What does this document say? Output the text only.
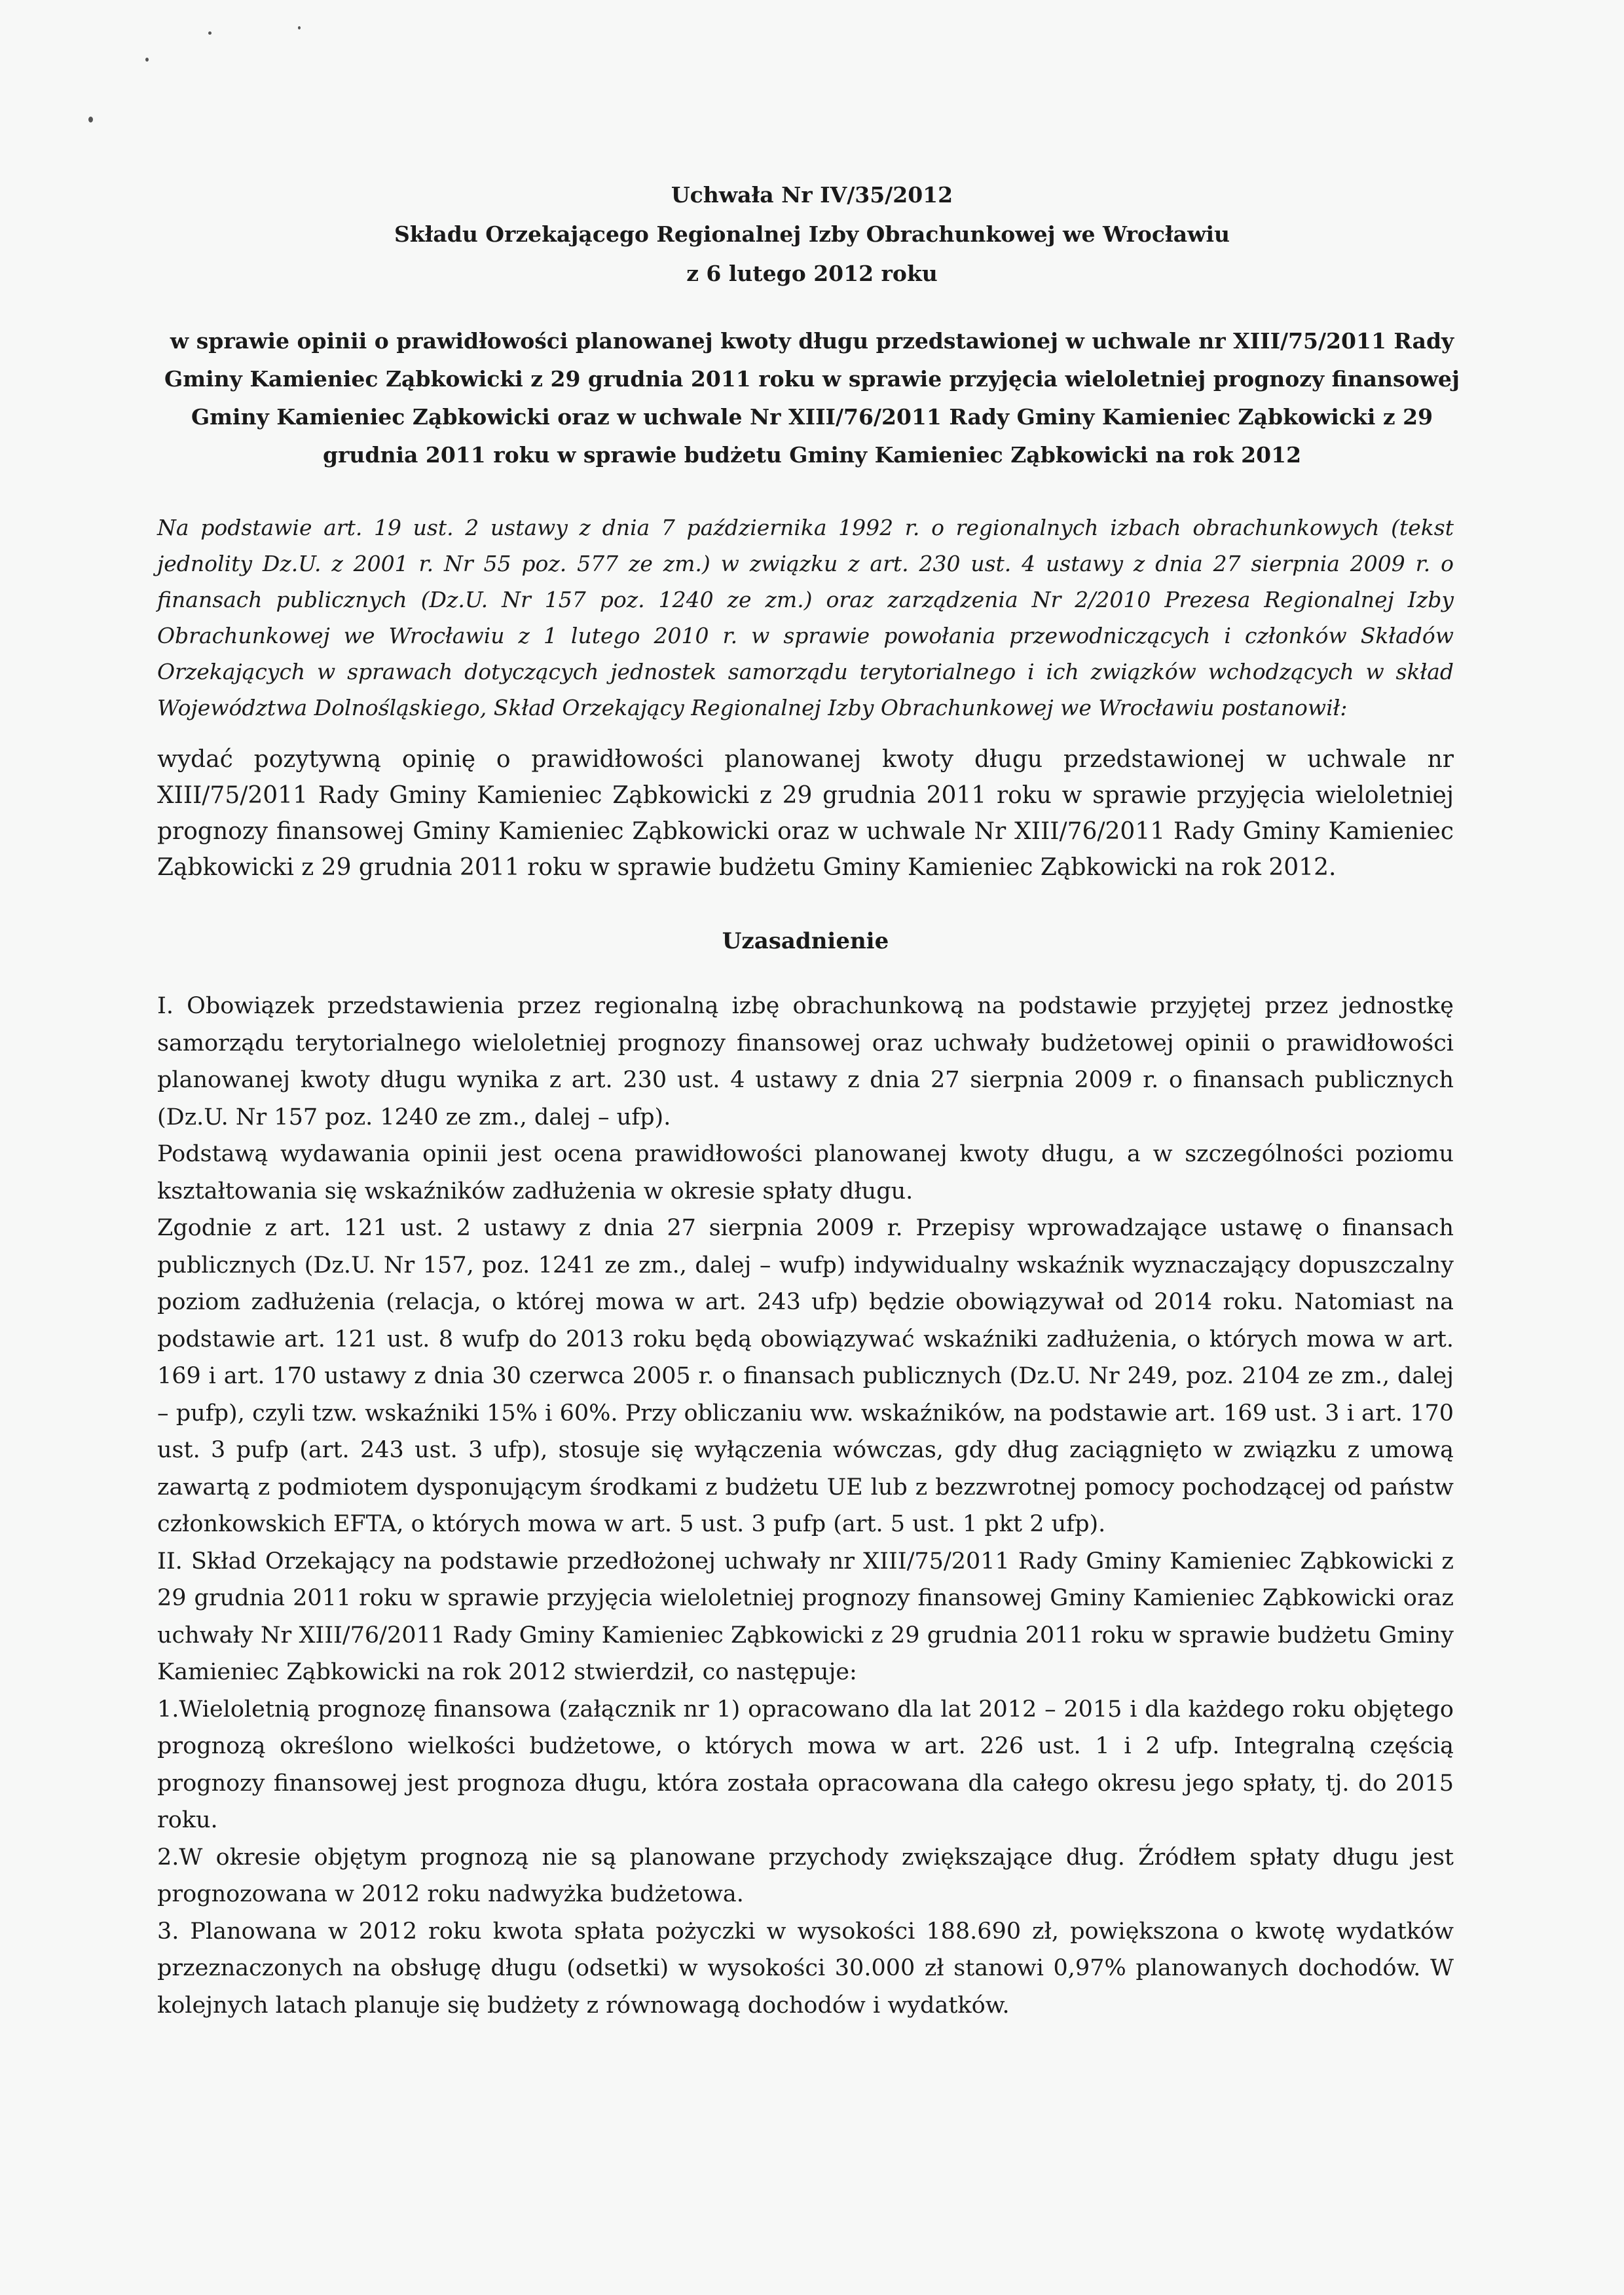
Uchwała Nr IV/35/2012
Składu Orzekającego Regionalnej Izby Obrachunkowej we Wrocławiu
z 6 lutego 2012 roku
w sprawie opinii o prawidłowości planowanej kwoty długu przedstawionej w uchwale nr XIII/75/2011 Rady Gminy Kamieniec Ząbkowicki z 29 grudnia 2011 roku w sprawie przyjęcia wieloletniej prognozy finansowej Gminy Kamieniec Ząbkowicki oraz w uchwale Nr XIII/76/2011 Rady Gminy Kamieniec Ząbkowicki z 29 grudnia 2011 roku w sprawie budżetu Gminy Kamieniec Ząbkowicki na rok 2012
Na podstawie art. 19 ust. 2 ustawy z dnia 7 października 1992 r. o regionalnych izbach obrachunkowych (tekst jednolity Dz.U. z 2001 r. Nr 55 poz. 577 ze zm.) w związku z art. 230 ust. 4 ustawy z dnia 27 sierpnia 2009 r. o finansach publicznych (Dz.U. Nr 157 poz. 1240 ze zm.) oraz zarządzenia Nr 2/2010 Prezesa Regionalnej Izby Obrachunkowej we Wrocławiu z 1 lutego 2010 r. w sprawie powołania przewodniczących i członków Składów Orzekających w sprawach dotyczących jednostek samorządu terytorialnego i ich związków wchodzących w skład Województwa Dolnośląskiego, Skład Orzekający Regionalnej Izby Obrachunkowej we Wrocławiu postanowił:
wydać pozytywną opinię o prawidłowości planowanej kwoty długu przedstawionej w uchwale nr XIII/75/2011 Rady Gminy Kamieniec Ząbkowicki z 29 grudnia 2011 roku w sprawie przyjęcia wieloletniej prognozy finansowej Gminy Kamieniec Ząbkowicki oraz w uchwale Nr XIII/76/2011 Rady Gminy Kamieniec Ząbkowicki z 29 grudnia 2011 roku w sprawie budżetu Gminy Kamieniec Ząbkowicki na rok 2012.
Uzasadnienie

I. Obowiązek przedstawienia przez regionalną izbę obrachunkową na podstawie przyjętej przez jednostkę samorządu terytorialnego wieloletniej prognozy finansowej oraz uchwały budżetowej opinii o prawidłowości planowanej kwoty długu wynika z art. 230 ust. 4 ustawy z dnia 27 sierpnia 2009 r. o finansach publicznych (Dz.U. Nr 157 poz. 1240 ze zm., dalej – ufp).

Podstawą wydawania opinii jest ocena prawidłowości planowanej kwoty długu, a w szczególności poziomu kształtowania się wskaźników zadłużenia w okresie spłaty długu.

Zgodnie z art. 121 ust. 2 ustawy z dnia 27 sierpnia 2009 r. Przepisy wprowadzające ustawę o finansach publicznych (Dz.U. Nr 157, poz. 1241 ze zm., dalej – wufp) indywidualny wskaźnik wyznaczający dopuszczalny poziom zadłużenia (relacja, o której mowa w art. 243 ufp) będzie obowiązywał od 2014 roku. Natomiast na podstawie art. 121 ust. 8 wufp do 2013 roku będą obowiązywać wskaźniki zadłużenia, o których mowa w art. 169 i art. 170 ustawy z dnia 30 czerwca 2005 r. o finansach publicznych (Dz.U. Nr 249, poz. 2104 ze zm., dalej – pufp), czyli tzw. wskaźniki 15% i 60%. Przy obliczaniu ww. wskaźników, na podstawie art. 169 ust. 3 i art. 170 ust. 3 pufp (art. 243 ust. 3 ufp), stosuje się wyłączenia wówczas, gdy dług zaciągnięto w związku z umową zawartą z podmiotem dysponującym środkami z budżetu UE lub z bezzwrotnej pomocy pochodzącej od państw członkowskich EFTA, o których mowa w art. 5 ust. 3 pufp (art. 5 ust. 1 pkt 2 ufp).

II. Skład Orzekający na podstawie przedłożonej uchwały nr XIII/75/2011 Rady Gminy Kamieniec Ząbkowicki z 29 grudnia 2011 roku w sprawie przyjęcia wieloletniej prognozy finansowej Gminy Kamieniec Ząbkowicki oraz uchwały Nr XIII/76/2011 Rady Gminy Kamieniec Ząbkowicki z 29 grudnia 2011 roku w sprawie budżetu Gminy Kamieniec Ząbkowicki na rok 2012 stwierdził, co następuje:

1.Wieloletnią prognozę finansowa (załącznik nr 1) opracowano dla lat 2012 – 2015 i dla każdego roku objętego prognozą określono wielkości budżetowe, o których mowa w art. 226 ust. 1 i 2 ufp. Integralną częścią prognozy finansowej jest prognoza długu, która została opracowana dla całego okresu jego spłaty, tj. do 2015 roku.

2.W okresie objętym prognozą nie są planowane przychody zwiększające dług. Źródłem spłaty długu jest prognozowana w 2012 roku nadwyżka budżetowa.

3. Planowana w 2012 roku kwota spłata pożyczki w wysokości 188.690 zł, powiększona o kwotę wydatków przeznaczonych na obsługę długu (odsetki) w wysokości 30.000 zł stanowi 0,97% planowanych dochodów. W kolejnych latach planuje się budżety z równowagą dochodów i wydatków.
